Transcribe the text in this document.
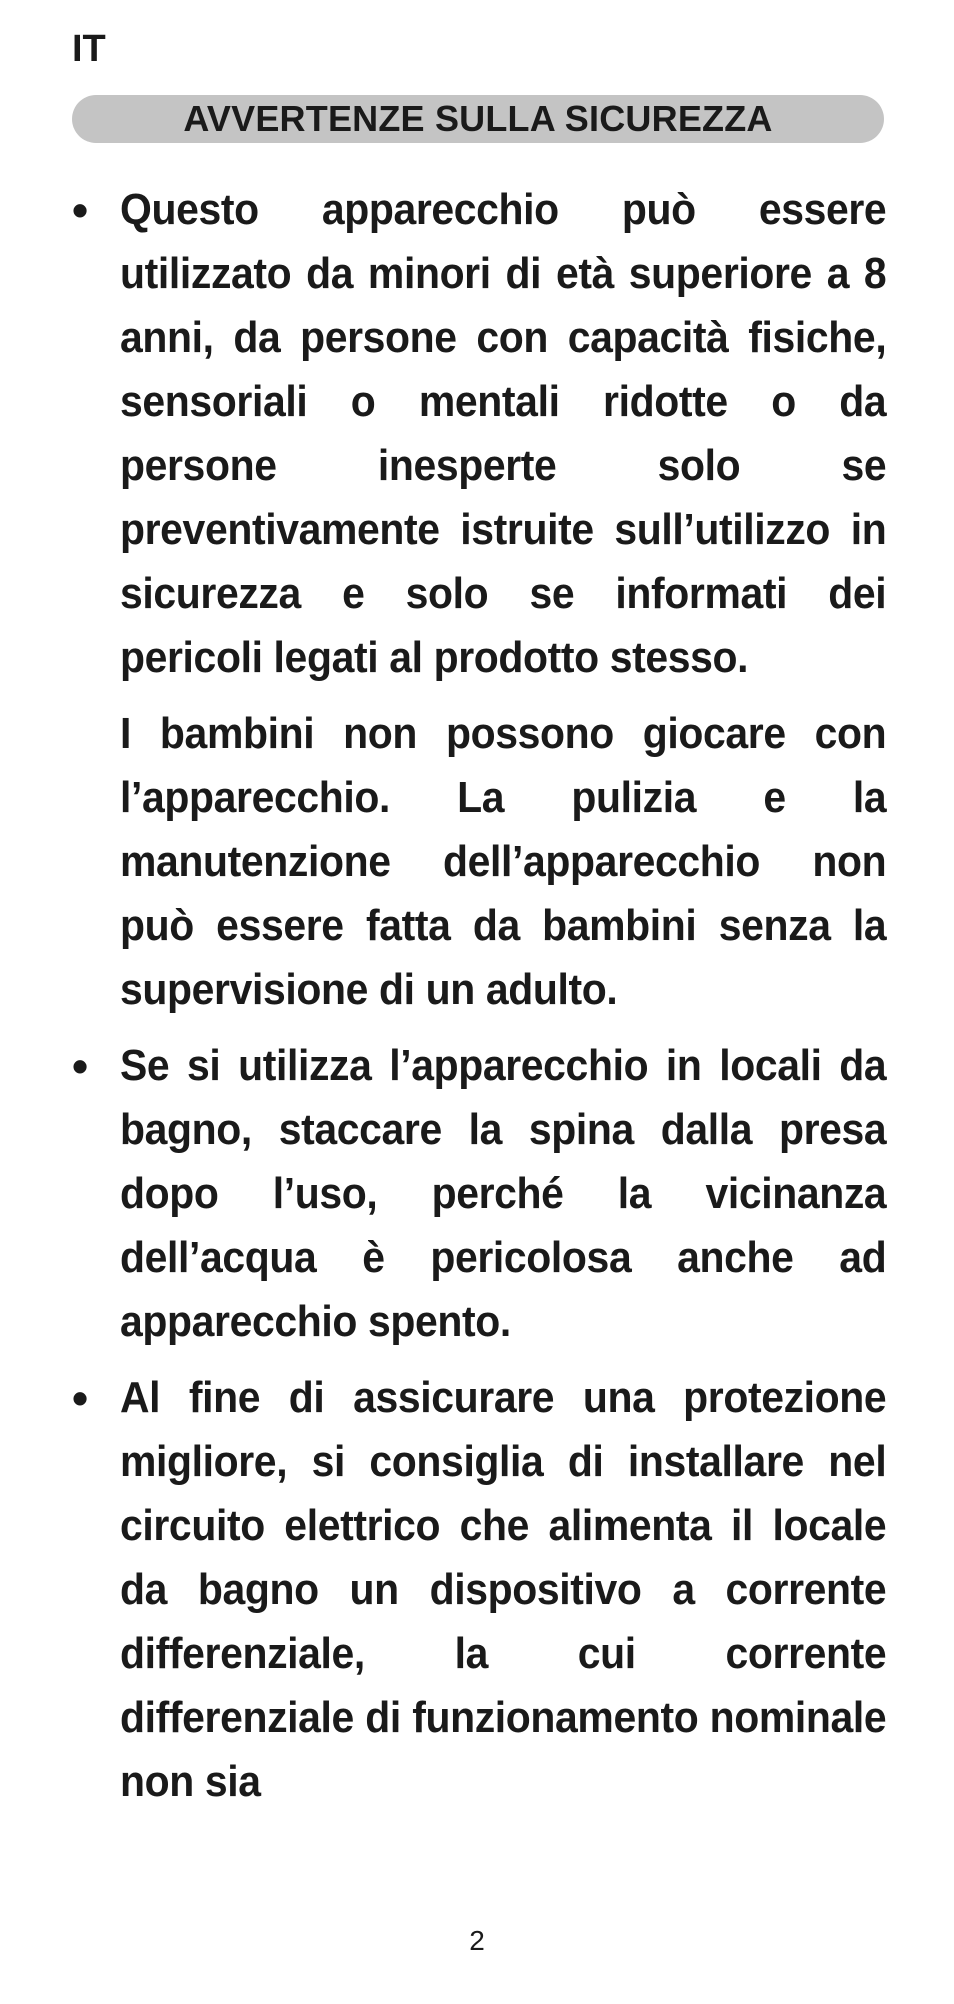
IT
AVVERTENZE SULLA SICUREZZA
• Questo apparecchio può essere utilizzato da minori di età superiore a 8 anni, da persone con capacità fisiche, sensoriali o mentali ridotte o da persone inesperte solo se preventivamente istruite sull’utilizzo in sicurezza e solo se informati dei pericoli legati al prodotto stesso.

I bambini non possono giocare con l’apparecchio. La pulizia e la manutenzione dell’apparecchio non può essere fatta da bambini senza la supervisione di un adulto.

• Se si utilizza l’apparecchio in locali da bagno, staccare la spina dalla presa dopo l’uso, perché la vicinanza dell’acqua è pericolosa anche ad apparecchio spento.

• Al fine di assicurare una protezione migliore, si consiglia di installare nel circuito elettrico che alimenta il locale da bagno un dispositivo a corrente differenziale, la cui corrente differenziale di funzionamento nominale non sia

2
